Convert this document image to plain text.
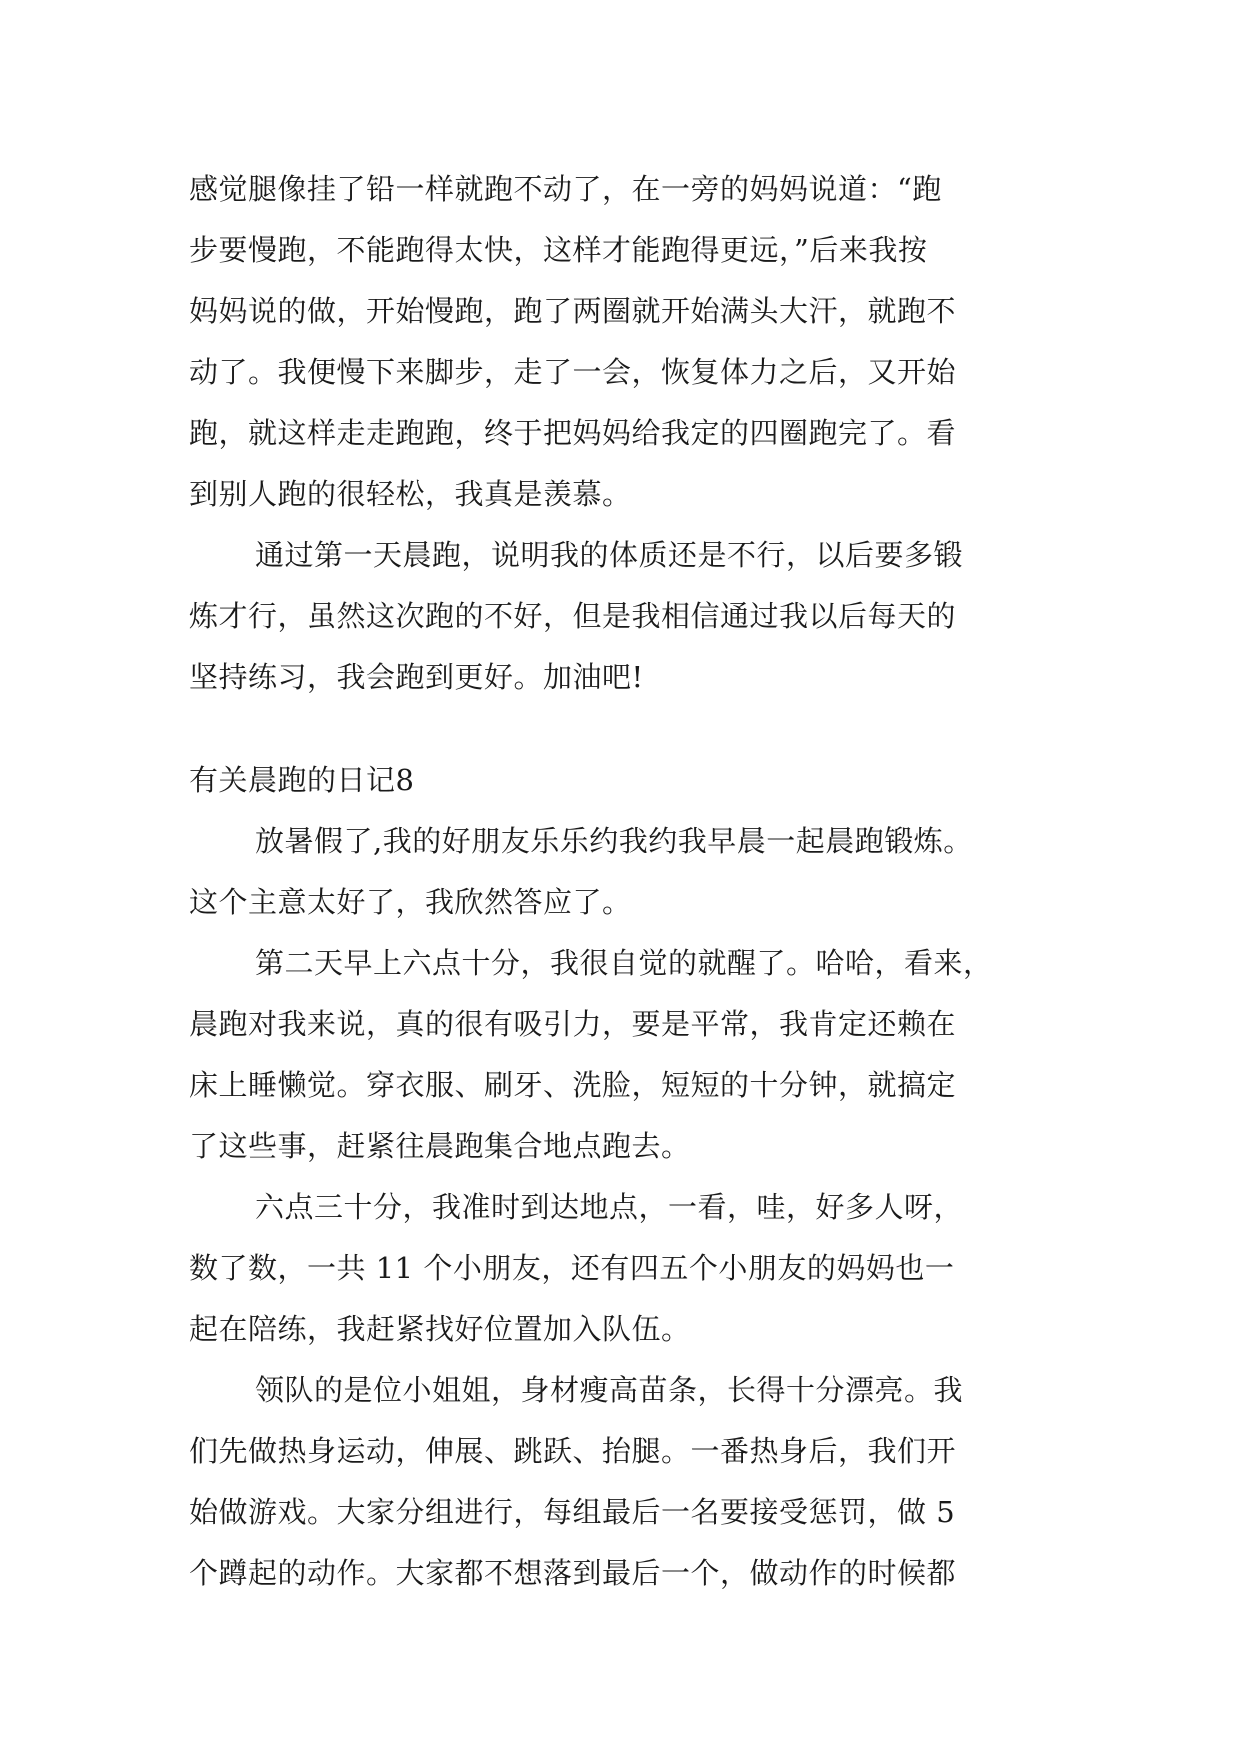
感觉腿像挂了铅一样就跑不动了，在一旁的妈妈说道：“跑
步要慢跑，不能跑得太快，这样才能跑得更远，”后来我按
妈妈说的做，开始慢跑，跑了两圈就开始满头大汗，就跑不
动了。我便慢下来脚步，走了一会，恢复体力之后，又开始
跑，就这样走走跑跑，终于把妈妈给我定的四圈跑完了。看
到别人跑的很轻松，我真是羡慕。
通过第一天晨跑，说明我的体质还是不行，以后要多锻
炼才行，虽然这次跑的不好，但是我相信通过我以后每天的
坚持练习，我会跑到更好。加油吧!
有关晨跑的日记8
放暑假了,我的好朋友乐乐约我约我早晨一起晨跑锻炼。
这个主意太好了，我欣然答应了。
第二天早上六点十分，我很自觉的就醒了。哈哈，看来，
晨跑对我来说，真的很有吸引力，要是平常，我肯定还赖在
床上睡懒觉。穿衣服、刷牙、洗脸，短短的十分钟，就搞定
了这些事，赶紧往晨跑集合地点跑去。
六点三十分，我准时到达地点，一看，哇，好多人呀，
数了数，一共 11 个小朋友，还有四五个小朋友的妈妈也一
起在陪练，我赶紧找好位置加入队伍。
领队的是位小姐姐，身材瘦高苗条，长得十分漂亮。我
们先做热身运动，伸展、跳跃、抬腿。一番热身后，我们开
始做游戏。大家分组进行，每组最后一名要接受惩罚，做 5
个蹲起的动作。大家都不想落到最后一个，做动作的时候都
